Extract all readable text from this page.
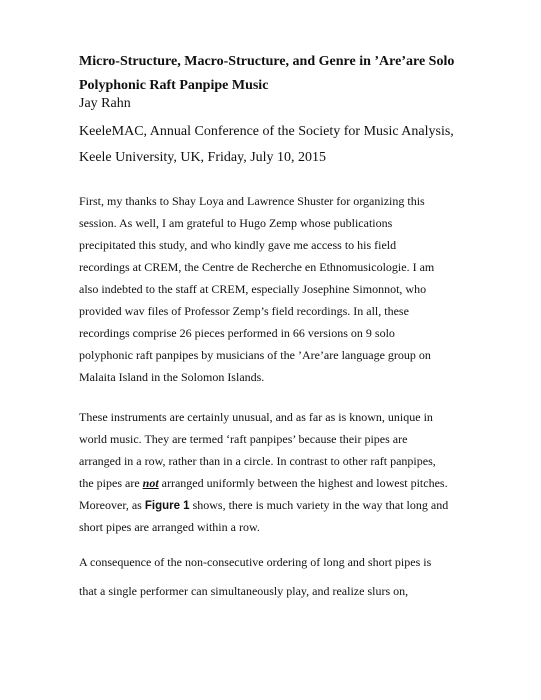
Micro-Structure, Macro-Structure, and Genre in ’Are’are Solo
Polyphonic Raft Panpipe Music
Jay Rahn
KeeleMAC, Annual Conference of the Society for Music Analysis,
Keele University, UK, Friday, July 10, 2015
First, my thanks to Shay Loya and Lawrence Shuster for organizing this
session. As well, I am grateful to Hugo Zemp whose publications
precipitated this study, and who kindly gave me access to his field
recordings at CREM, the Centre de Recherche en Ethnomusicologie. I am
also indebted to the staff at CREM, especially Josephine Simonnot, who
provided wav files of Professor Zemp’s field recordings. In all, these
recordings comprise 26 pieces performed in 66 versions on 9 solo
polyphonic raft panpipes by musicians of the ’Are’are language group on
Malaita Island in the Solomon Islands.
These instruments are certainly unusual, and as far as is known, unique in
world music. They are termed ‘raft panpipes’ because their pipes are
arranged in a row, rather than in a circle. In contrast to other raft panpipes,
the pipes are not arranged uniformly between the highest and lowest pitches.
Moreover, as Figure 1 shows, there is much variety in the way that long and
short pipes are arranged within a row.
A consequence of the non-consecutive ordering of long and short pipes is
that a single performer can simultaneously play, and realize slurs on,
